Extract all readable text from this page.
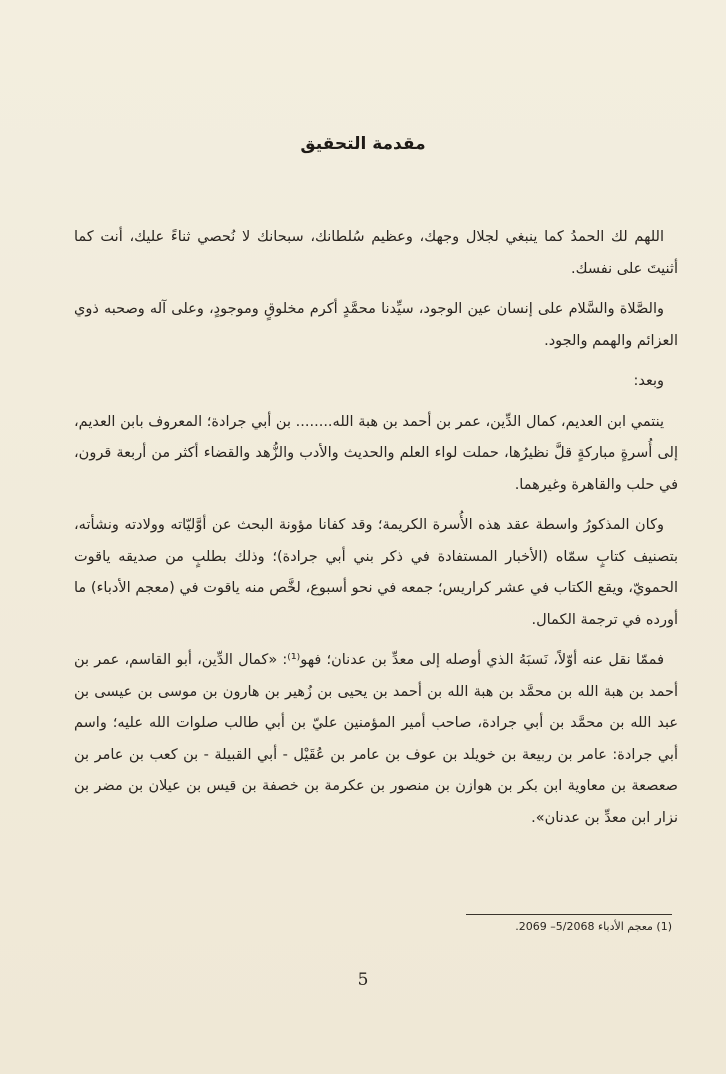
مقدمة التحقيق

اللهم لك الحمدُ كما ينبغي لجلال وجهك، وعظيم سُلطانك، سبحانك لا نُحصي ثناءً عليك، أنت كما أثنيتَ على نفسك.

والصَّلاة والسَّلام على إنسان عين الوجود، سيِّدنا محمَّدٍ أكرم مخلوقٍ وموجودٍ، وعلى آله وصحبه ذوي العزائم والهمم والجود.

وبعد:

ينتمي ابن العديم، كمال الدِّين، عمر بن أحمد بن هبة الله........ بن أبي جرادة؛ المعروف بابن العديم، إلى أُسرةٍ مباركةٍ قلَّ نظيرُها، حملت لواء العلم والحديث والأدب والزُّهد والقضاء أكثر من أربعة قرون، في حلب والقاهرة وغيرهما.

وكان المذكورُ واسطة عقد هذه الأُسرة الكريمة؛ وقد كفانا مؤونة البحث عن أوَّليّاته وولادته ونشأته، بتصنيف كتابٍ سمّاه (الأخبار المستفادة في ذكر بني أبي جرادة)؛ وذلك بطلبٍ من صديقه ياقوت الحمويّ، ويقع الكتاب في عشر كراريس؛ جمعه في نحو أسبوع، لخَّص منه ياقوت في (معجم الأدباء) ما أورده في ترجمة الكمال.

فممّا نقل عنه أوّلاً، نَسبَهُ الذي أوصله إلى معدِّ بن عدنان؛ فهو⁽¹⁾: «كمال الدِّين، أبو القاسم، عمر بن أحمد بن هبة الله بن محمَّد بن هبة الله بن أحمد بن يحيى بن زُهير بن هارون بن موسى بن عيسى بن عبد الله بن محمَّد بن أبي جرادة، صاحب أمير المؤمنين عليّ بن أبي طالب صلوات الله عليه؛ واسم أبي جرادة: عامر بن ربيعة بن خويلد بن عوف بن عامر بن عُقَيْل - أبي القبيلة - بن كعب بن عامر بن صعصعة بن معاوية ابن بكر بن هوازن بن منصور بن عكرمة بن خصفة بن قيس بن عيلان بن مضر بن نزار ابن معدِّ بن عدنان».

(1) معجم الأدباء 5/2068– 2069.
5
